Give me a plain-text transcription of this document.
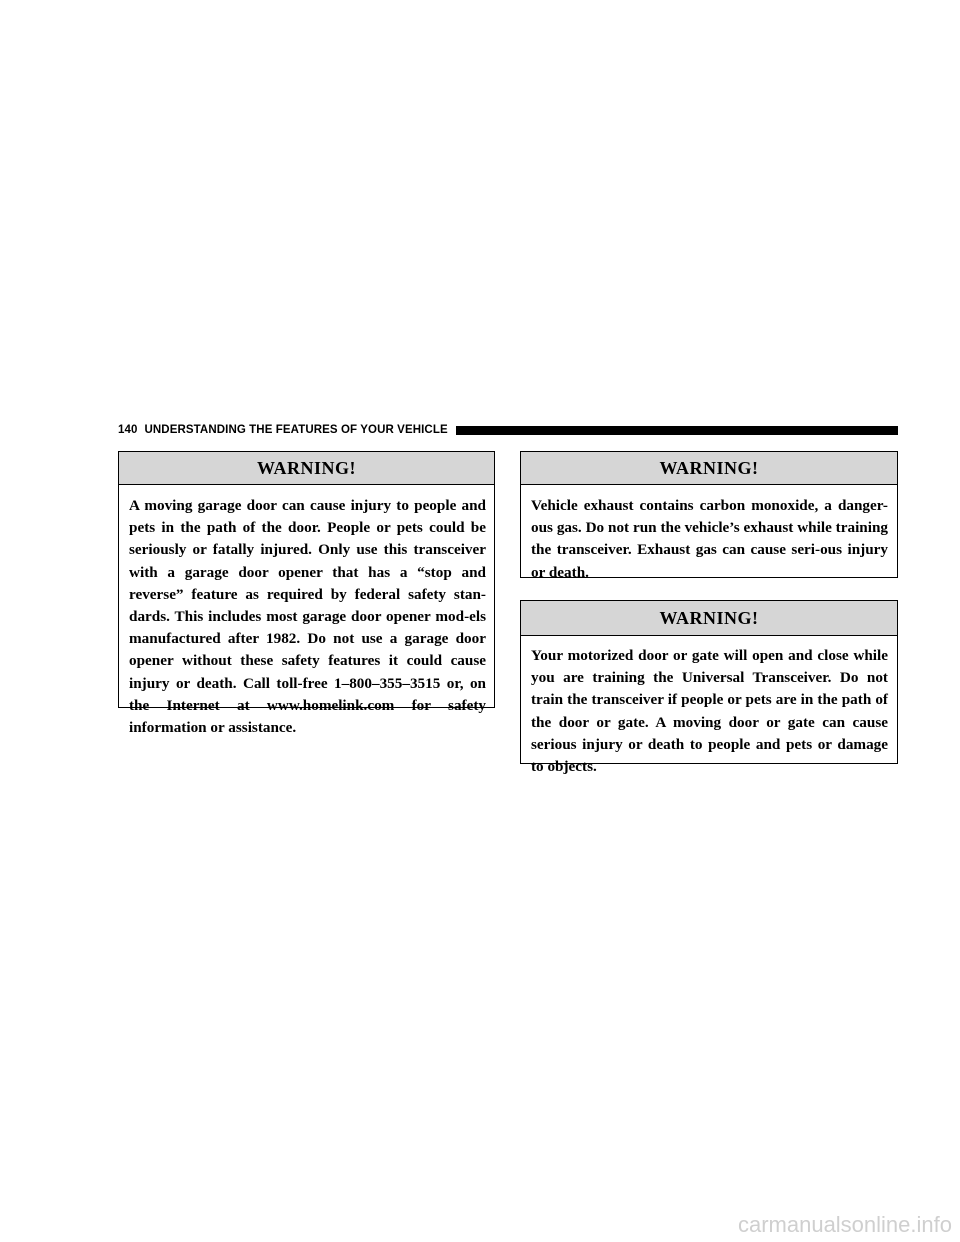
140 UNDERSTANDING THE FEATURES OF YOUR VEHICLE
WARNING!
A moving garage door can cause injury to people and pets in the path of the door. People or pets could be seriously or fatally injured. Only use this transceiver with a garage door opener that has a “stop and reverse” feature as required by federal safety stan-dards. This includes most garage door opener mod-els manufactured after 1982. Do not use a garage door opener without these safety features it could cause injury or death. Call toll-free 1–800–355–3515 or, on the Internet at www.homelink.com for safety information or assistance.
WARNING!
Vehicle exhaust contains carbon monoxide, a danger-ous gas. Do not run the vehicle’s exhaust while training the transceiver. Exhaust gas can cause seri-ous injury or death.
WARNING!
Your motorized door or gate will open and close while you are training the Universal Transceiver. Do not train the transceiver if people or pets are in the path of the door or gate. A moving door or gate can cause serious injury or death to people and pets or damage to objects.
carmanualsonline.info
